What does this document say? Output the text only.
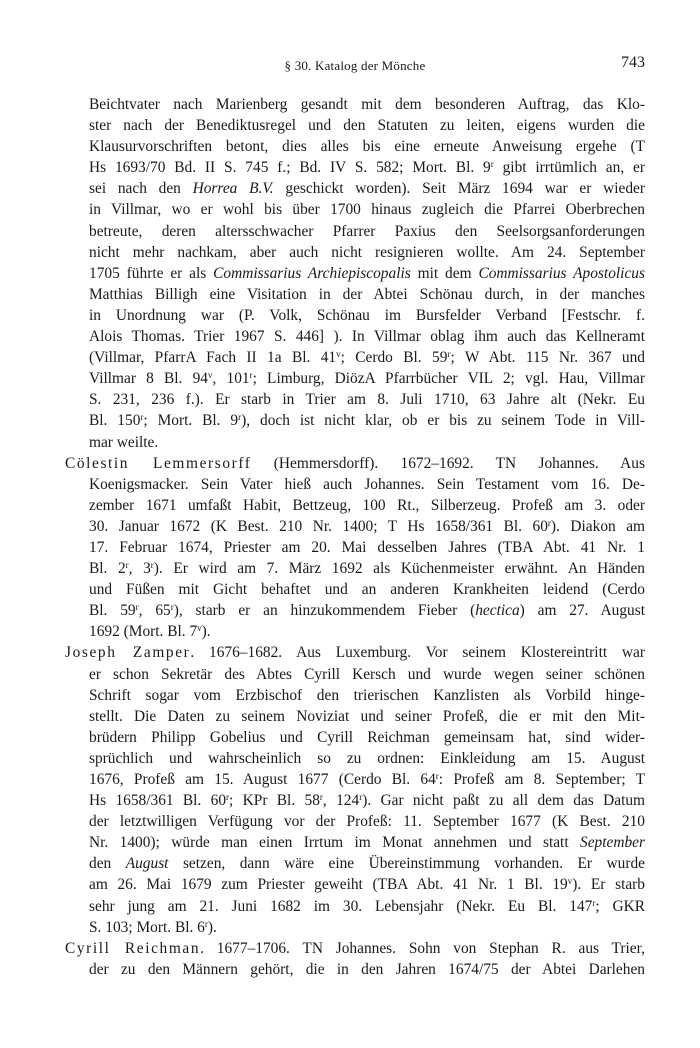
§ 30. Katalog der Mönche	743
Beichtvater nach Marienberg gesandt mit dem besonderen Auftrag, das Klo-
ster nach der Benediktusregel und den Statuten zu leiten, eigens wurden die
Klausurvorschriften betont, dies alles bis eine erneute Anweisung ergehe (T
Hs 1693/70 Bd. II S. 745 f.; Bd. IV S. 582; Mort. Bl. 9$^r$ gibt irrtümlich an, er
sei nach den Horrea B.V. geschickt worden). Seit März 1694 war er wieder
in Villmar, wo er wohl bis über 1700 hinaus zugleich die Pfarrei Oberbrechen
betreute, deren altersschwacher Pfarrer Paxius den Seelsorgsanforderungen
nicht mehr nachkam, aber auch nicht resignieren wollte. Am 24. September
1705 führte er als Commissarius Archiepiscopalis mit dem Commissarius Apostolicus
Matthias Billigh eine Visitation in der Abtei Schönau durch, in der manches
in Unordnung war (P. Volk, Schönau im Bursfelder Verband [Festschr. f.
Alois Thomas. Trier 1967 S. 446] ). In Villmar oblag ihm auch das Kellneramt
(Villmar, PfarrA Fach II 1a Bl. 41$^v$; Cerdo Bl. 59$^r$; W Abt. 115 Nr. 367 und
Villmar 8 Bl. 94$^v$, 101$^r$; Limburg, DiözA Pfarrbücher VIL 2; vgl. Hau, Villmar
S. 231, 236 f.). Er starb in Trier am 8. Juli 1710, 63 Jahre alt (Nekr. Eu
Bl. 150$^r$; Mort. Bl. 9$^r$), doch ist nicht klar, ob er bis zu seinem Tode in Vill-
mar weilte.
Cölestin Lemmersorff (Hemmersdorff). 1672–1692. TN Johannes. Aus
Koenigsmacker. Sein Vater hieß auch Johannes. Sein Testament vom 16. De-
zember 1671 umfaßt Habit, Bettzeug, 100 Rt., Silberzeug. Profeß am 3. oder
30. Januar 1672 (K Best. 210 Nr. 1400; T Hs 1658/361 Bl. 60$^r$). Diakon am
17. Februar 1674, Priester am 20. Mai desselben Jahres (TBA Abt. 41 Nr. 1
Bl. 2$^r$, 3$^r$). Er wird am 7. März 1692 als Küchenmeister erwähnt. An Händen
und Füßen mit Gicht behaftet und an anderen Krankheiten leidend (Cerdo
Bl. 59$^r$, 65$^r$), starb er an hinzukommendem Fieber (hectica) am 27. August
1692 (Mort. Bl. 7$^v$).
Joseph Zamper. 1676–1682. Aus Luxemburg. Vor seinem Klostereintritt war
er schon Sekretär des Abtes Cyrill Kersch und wurde wegen seiner schönen
Schrift sogar vom Erzbischof den trierischen Kanzlisten als Vorbild hinge-
stellt. Die Daten zu seinem Noviziat und seiner Profeß, die er mit den Mit-
brüdern Philipp Gobelius und Cyrill Reichman gemeinsam hat, sind wider-
sprüchlich und wahrscheinlich so zu ordnen: Einkleidung am 15. August
1676, Profeß am 15. August 1677 (Cerdo Bl. 64$^r$: Profeß am 8. September; T
Hs 1658/361 Bl. 60$^r$; KPr Bl. 58$^r$, 124$^r$). Gar nicht paßt zu all dem das Datum
der letztwilligen Verfügung vor der Profeß: 11. September 1677 (K Best. 210
Nr. 1400); würde man einen Irrtum im Monat annehmen und statt September
den August setzen, dann wäre eine Übereinstimmung vorhanden. Er wurde
am 26. Mai 1679 zum Priester geweiht (TBA Abt. 41 Nr. 1 Bl. 19$^v$). Er starb
sehr jung am 21. Juni 1682 im 30. Lebensjahr (Nekr. Eu Bl. 147$^r$; GKR
S. 103; Mort. Bl. 6$^r$).
Cyrill Reichman. 1677–1706. TN Johannes. Sohn von Stephan R. aus Trier,
der zu den Männern gehört, die in den Jahren 1674/75 der Abtei Darlehen
